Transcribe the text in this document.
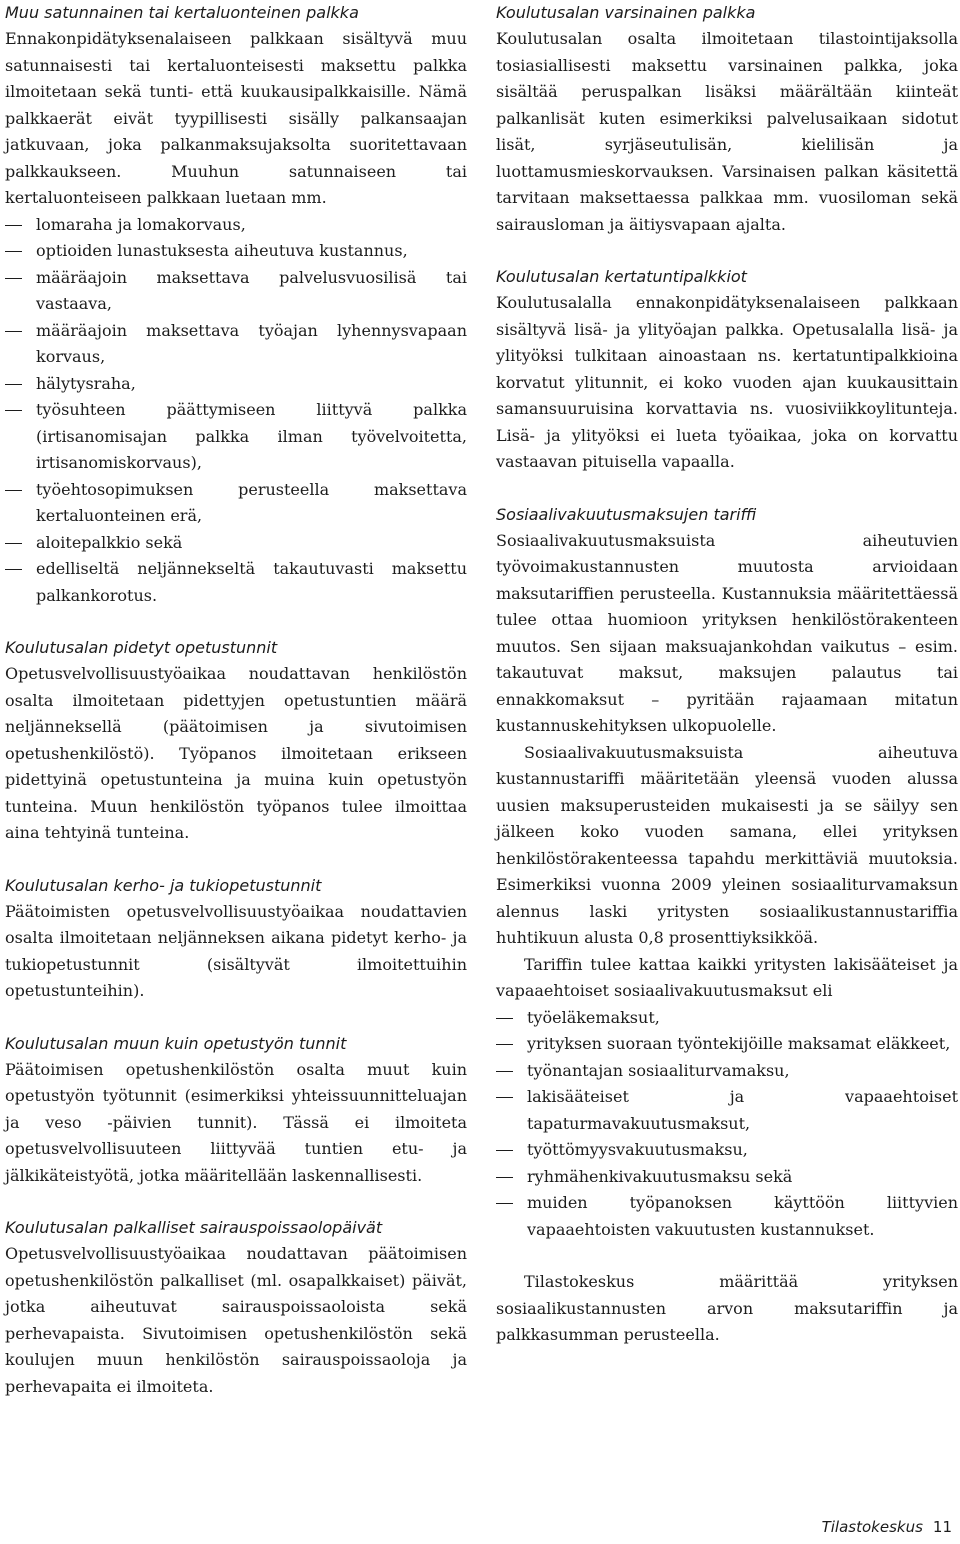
Muu satunnainen tai kertaluonteinen palkka

Ennakonpidätyksenalaiseen palkkaan sisältyvä muu satunnaisesti tai kertaluonteisesti maksettu palkka ilmoitetaan sekä tunti- että kuukausipalkkaisille. Nämä palkkaerät eivät tyypillisesti sisälly palkansaajan jatkuvaan, joka palkanmaksujaksolta suoritettavaan palkkaukseen. Muuhun satunnaiseen tai kertaluonteiseen palkkaan luetaan mm.

lomaraha ja lomakorvaus,
optioiden lunastuksesta aiheutuva kustannus,
määräajoin maksettava palvelusvuosilisä tai vastaava,
määräajoin maksettava työajan lyhennysvapaan korvaus,
hälytysraha,
työsuhteen päättymiseen liittyvä palkka (irtisanomisajan palkka ilman työvelvoitetta, irtisanomiskorvaus),
työehtosopimuksen perusteella maksettava kertaluonteinen erä,
aloitepalkkio sekä
edelliseltä neljännekseltä takautuvasti maksettu palkankorotus.
Koulutusalan pidetyt opetustunnit

Opetusvelvollisuustyöaikaa noudattavan henkilöstön osalta ilmoitetaan pidettyjen opetustuntien määrä neljänneksellä (päätoimisen ja sivutoimisen opetushenkilöstö). Työpanos ilmoitetaan erikseen pidettyinä opetustunteina ja muina kuin opetustyön tunteina. Muun henkilöstön työpanos tulee ilmoittaa aina tehtyinä tunteina.

Koulutusalan kerho- ja tukiopetustunnit

Päätoimisten opetusvelvollisuustyöaikaa noudattavien osalta ilmoitetaan neljänneksen aikana pidetyt kerho- ja tukiopetustunnit (sisältyvät ilmoitettuihin opetustunteihin).

Koulutusalan muun kuin opetustyön tunnit

Päätoimisen opetushenkilöstön osalta muut kuin opetustyön työtunnit (esimerkiksi yhteissuunnitteluajan ja veso -päivien tunnit). Tässä ei ilmoiteta opetusvelvollisuuteen liittyvää tuntien etu- ja jälkikäteistyötä, jotka määritellään laskennallisesti.

Koulutusalan palkalliset sairauspoissaolopäivät

Opetusvelvollisuustyöaikaa noudattavan päätoimisen opetushenkilöstön palkalliset (ml. osapalkkaiset) päivät, jotka aiheutuvat sairauspoissaoloista sekä perhevapaista. Sivutoimisen opetushenkilöstön sekä koulujen muun henkilöstön sairauspoissaoloja ja perhevapaita ei ilmoiteta.

Koulutusalan varsinainen palkka

Koulutusalan osalta ilmoitetaan tilastointijaksolla tosiasiallisesti maksettu varsinainen palkka, joka sisältää peruspalkan lisäksi määrältään kiinteät palkanlisät kuten esimerkiksi palvelusaikaan sidotut lisät, syrjäseutulisän, kielilisän ja luottamusmieskorvauksen. Varsinaisen palkan käsitettä tarvitaan maksettaessa palkkaa mm. vuosiloman sekä sairausloman ja äitiysvapaan ajalta.

Koulutusalan kertatuntipalkkiot

Koulutusalalla ennakonpidätyksenalaiseen palkkaan sisältyvä lisä- ja ylityöajan palkka. Opetusalalla lisä- ja ylityöksi tulkitaan ainoastaan ns. kertatuntipalkkioina korvatut ylitunnit, ei koko vuoden ajan kuukausittain samansuuruisina korvattavia ns. vuosiviikkoylitunteja. Lisä- ja ylityöksi ei lueta työaikaa, joka on korvattu vastaavan pituisella vapaalla.

Sosiaalivakuutusmaksujen tariffi

Sosiaalivakuutusmaksuista aiheutuvien työvoimakustannusten muutosta arvioidaan maksutariffien perusteella. Kustannuksia määritettäessä tulee ottaa huomioon yrityksen henkilöstörakenteen muutos. Sen sijaan maksuajankohdan vaikutus – esim. takautuvat maksut, maksujen palautus tai ennakkomaksut – pyritään rajaamaan mitatun kustannuskehityksen ulkopuolelle.

Sosiaalivakuutusmaksuista aiheutuva kustannustariffi määritetään yleensä vuoden alussa uusien maksuperusteiden mukaisesti ja se säilyy sen jälkeen koko vuoden samana, ellei yrityksen henkilöstörakenteessa tapahdu merkittäviä muutoksia. Esimerkiksi vuonna 2009 yleinen sosiaaliturvamaksun alennus laski yritysten sosiaalikustannustariffia huhtikuun alusta 0,8 prosenttiyksikköä.

Tariffin tulee kattaa kaikki yritysten lakisääteiset ja vapaaehtoiset sosiaalivakuutusmaksut eli

työeläkemaksut,
yrityksen suoraan työntekijöille maksamat eläkkeet,
työnantajan sosiaaliturvamaksu,
lakisääteiset ja vapaaehtoiset tapaturmavakuutusmaksut,
työttömyysvakuutusmaksu,
ryhmähenkivakuutusmaksu sekä
muiden työpanoksen käyttöön liittyvien vapaaehtoisten vakuutusten kustannukset.

Tilastokeskus määrittää yrityksen sosiaalikustannusten arvon maksutariffin ja palkkasumman perusteella.

Tilastokeskus 11
